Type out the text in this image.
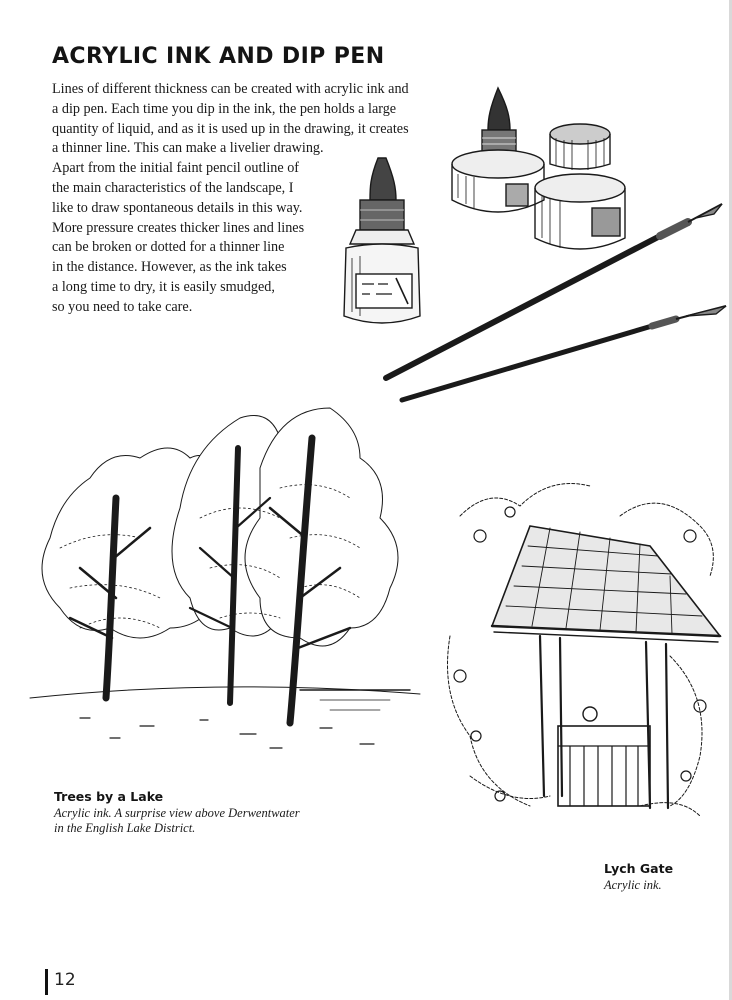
ACRYLIC INK AND DIP PEN

Lines of different thickness can be created with acrylic ink and
a dip pen. Each time you dip in the ink, the pen holds a large
quantity of liquid, and as it is used up in the drawing, it creates
a thinner line. This can make a livelier drawing.
Apart from the initial faint pencil outline of
the main characteristics of the landscape, I
like to draw spontaneous details in this way.
More pressure creates thicker lines and lines
can be broken or dotted for a thinner line
in the distance. However, as the ink takes
a long time to dry, it is easily smudged,
so you need to take care.

Trees by a Lake

Acrylic ink. A surprise view above Derwentwater
in the English Lake District.

Lych Gate

Acrylic ink.

12
